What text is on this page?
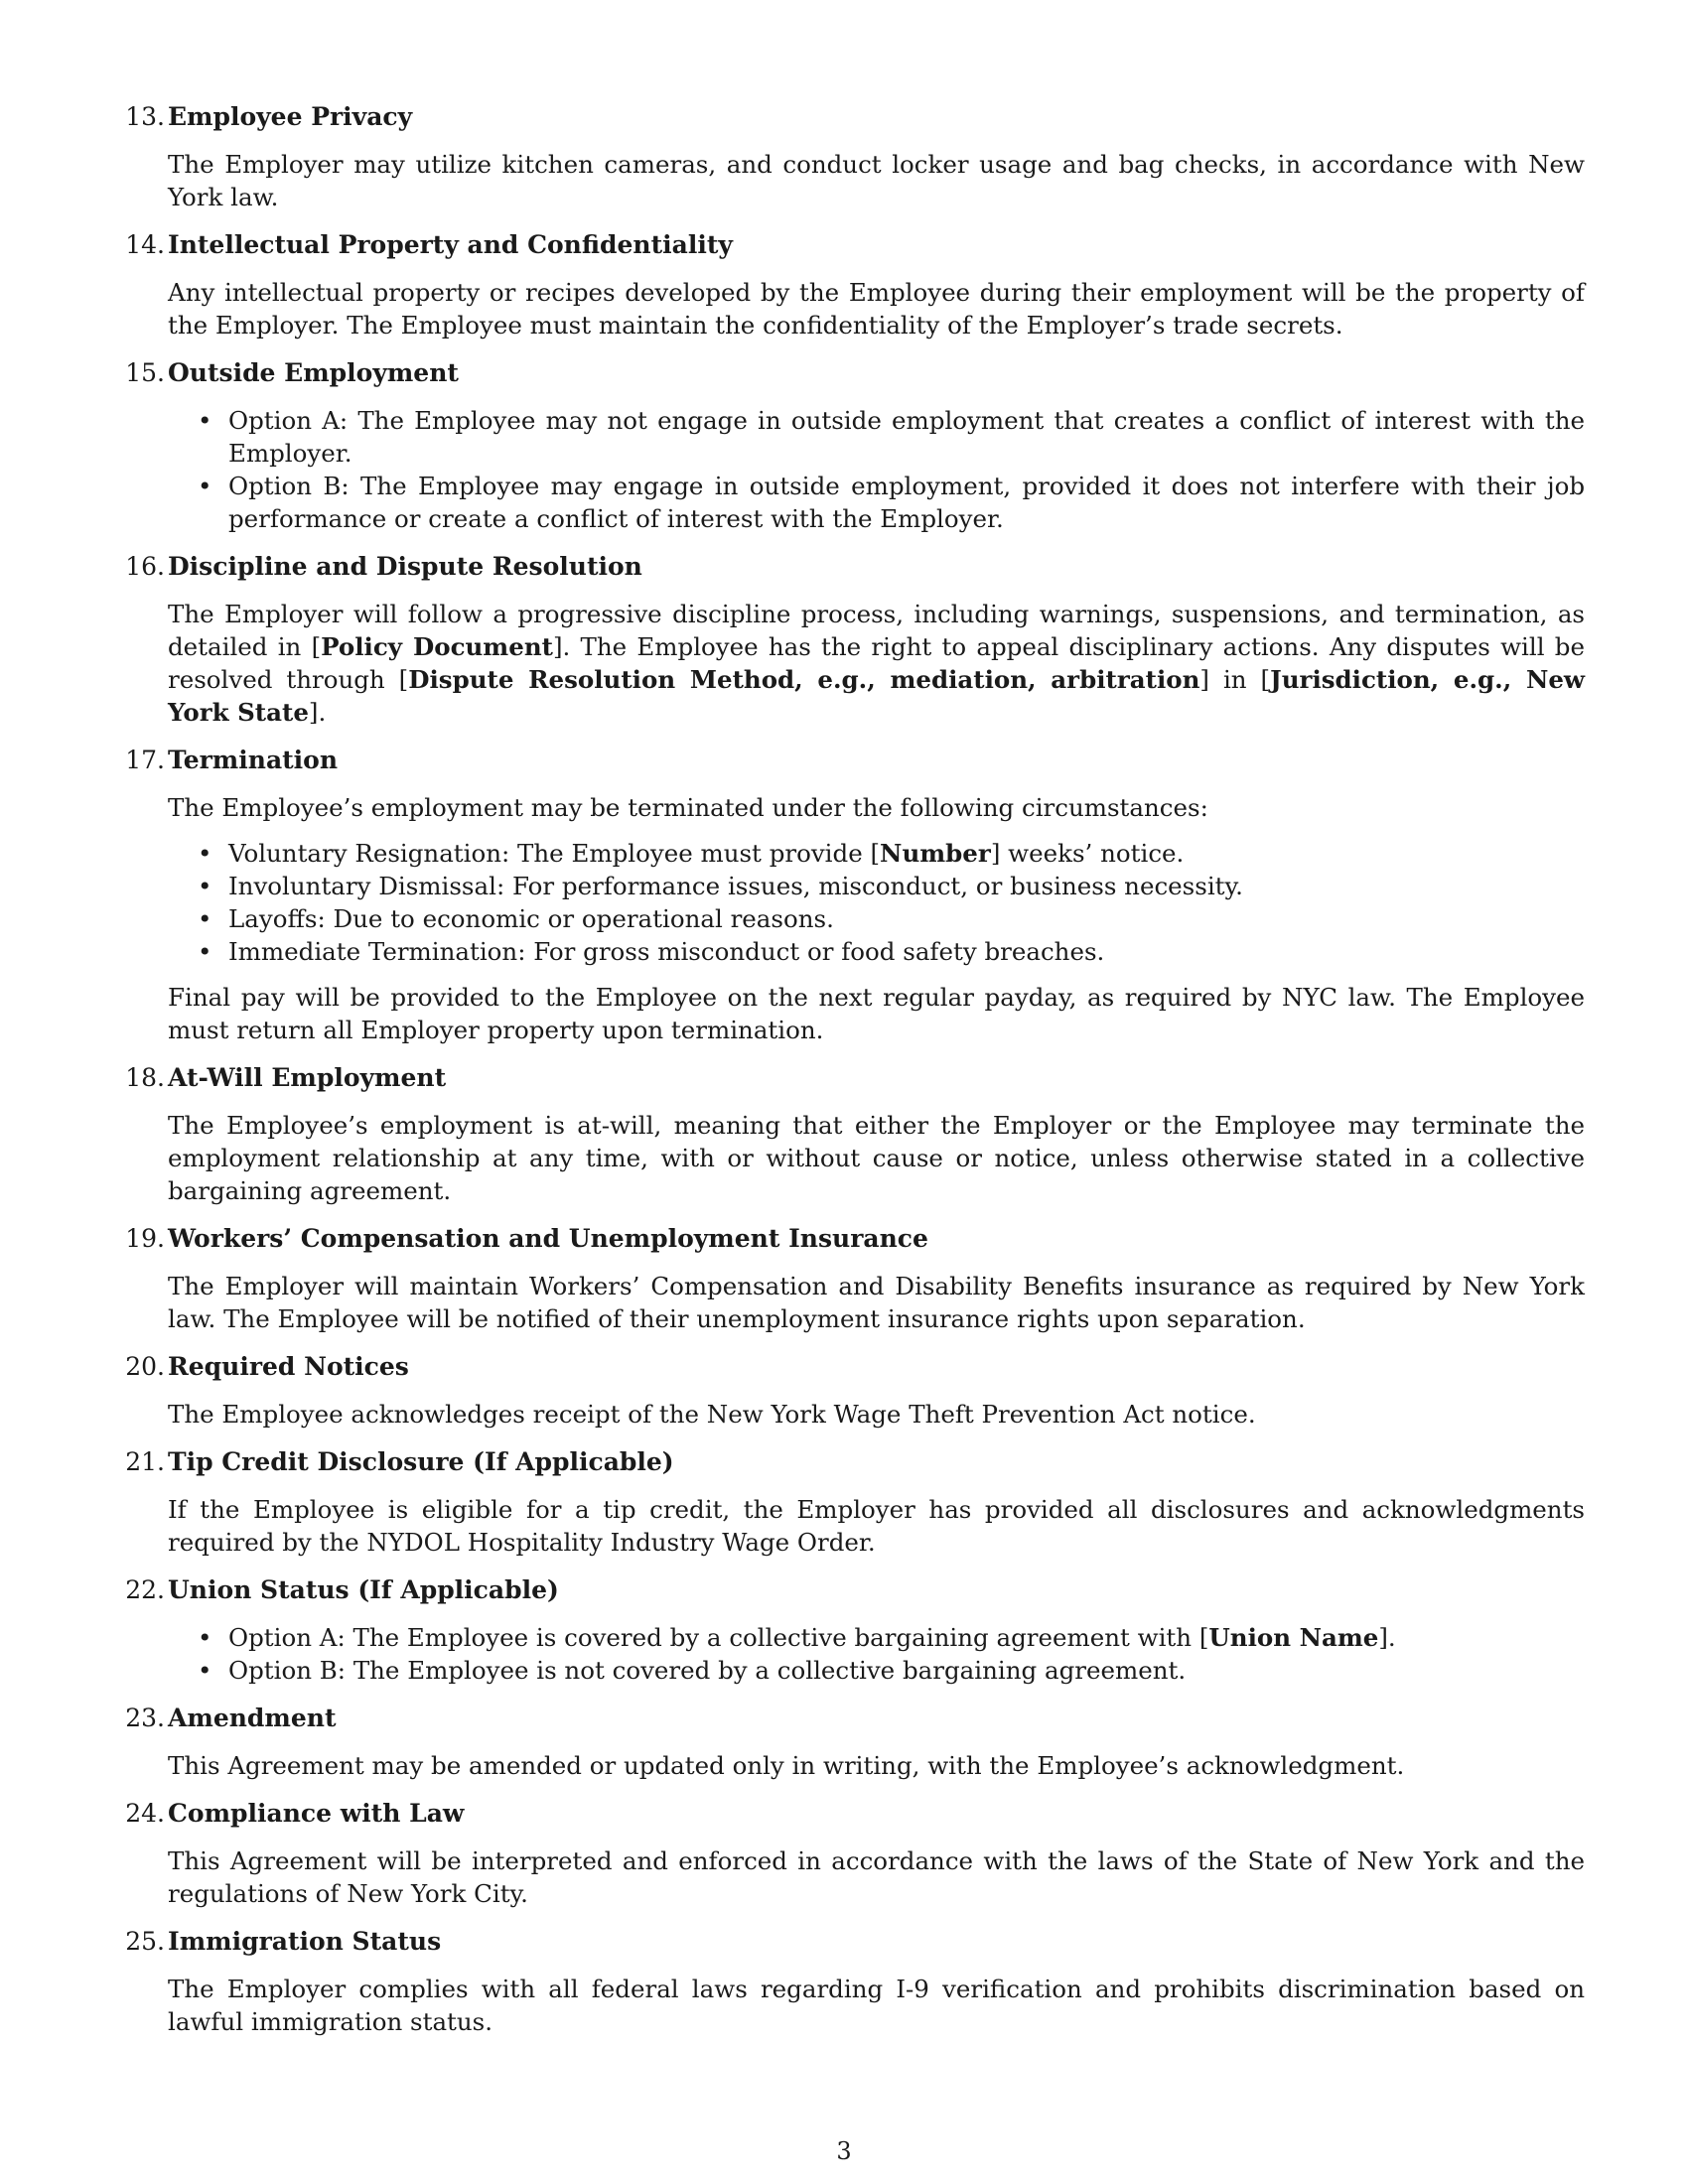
13. Employee Privacy

The Employer may utilize kitchen cameras, and conduct locker usage and bag checks, in accordance with New York law.

14. Intellectual Property and Confidentiality

Any intellectual property or recipes developed by the Employee during their employment will be the property of the Employer. The Employee must maintain the confidentiality of the Employer’s trade secrets.

15. Outside Employment
• Option A: The Employee may not engage in outside employment that creates a conflict of interest with the Employer.
• Option B: The Employee may engage in outside employment, provided it does not interfere with their job performance or create a conflict of interest with the Employer.
16. Discipline and Dispute Resolution

The Employer will follow a progressive discipline process, including warnings, suspensions, and termination, as detailed in [Policy Document]. The Employee has the right to appeal disciplinary actions. Any disputes will be resolved through [Dispute Resolution Method, e.g., mediation, arbitration] in [Jurisdiction, e.g., New York State].

17. Termination

The Employee’s employment may be terminated under the following circumstances:

• Voluntary Resignation: The Employee must provide [Number] weeks’ notice.
• Involuntary Dismissal: For performance issues, misconduct, or business necessity.
• Layoffs: Due to economic or operational reasons.
• Immediate Termination: For gross misconduct or food safety breaches.

Final pay will be provided to the Employee on the next regular payday, as required by NYC law. The Employee must return all Employer property upon termination.

18. At-Will Employment

The Employee’s employment is at-will, meaning that either the Employer or the Employee may terminate the employment relationship at any time, with or without cause or notice, unless otherwise stated in a collective bargaining agreement.

19. Workers’ Compensation and Unemployment Insurance

The Employer will maintain Workers’ Compensation and Disability Benefits insurance as required by New York law. The Employee will be notified of their unemployment insurance rights upon separation.

20. Required Notices

The Employee acknowledges receipt of the New York Wage Theft Prevention Act notice.

21. Tip Credit Disclosure (If Applicable)

If the Employee is eligible for a tip credit, the Employer has provided all disclosures and acknowledgments required by the NYDOL Hospitality Industry Wage Order.

22. Union Status (If Applicable)
• Option A: The Employee is covered by a collective bargaining agreement with [Union Name].
• Option B: The Employee is not covered by a collective bargaining agreement.
23. Amendment

This Agreement may be amended or updated only in writing, with the Employee’s acknowledgment.

24. Compliance with Law

This Agreement will be interpreted and enforced in accordance with the laws of the State of New York and the regulations of New York City.

25. Immigration Status

The Employer complies with all federal laws regarding I-9 verification and prohibits discrimination based on lawful immigration status.

3
